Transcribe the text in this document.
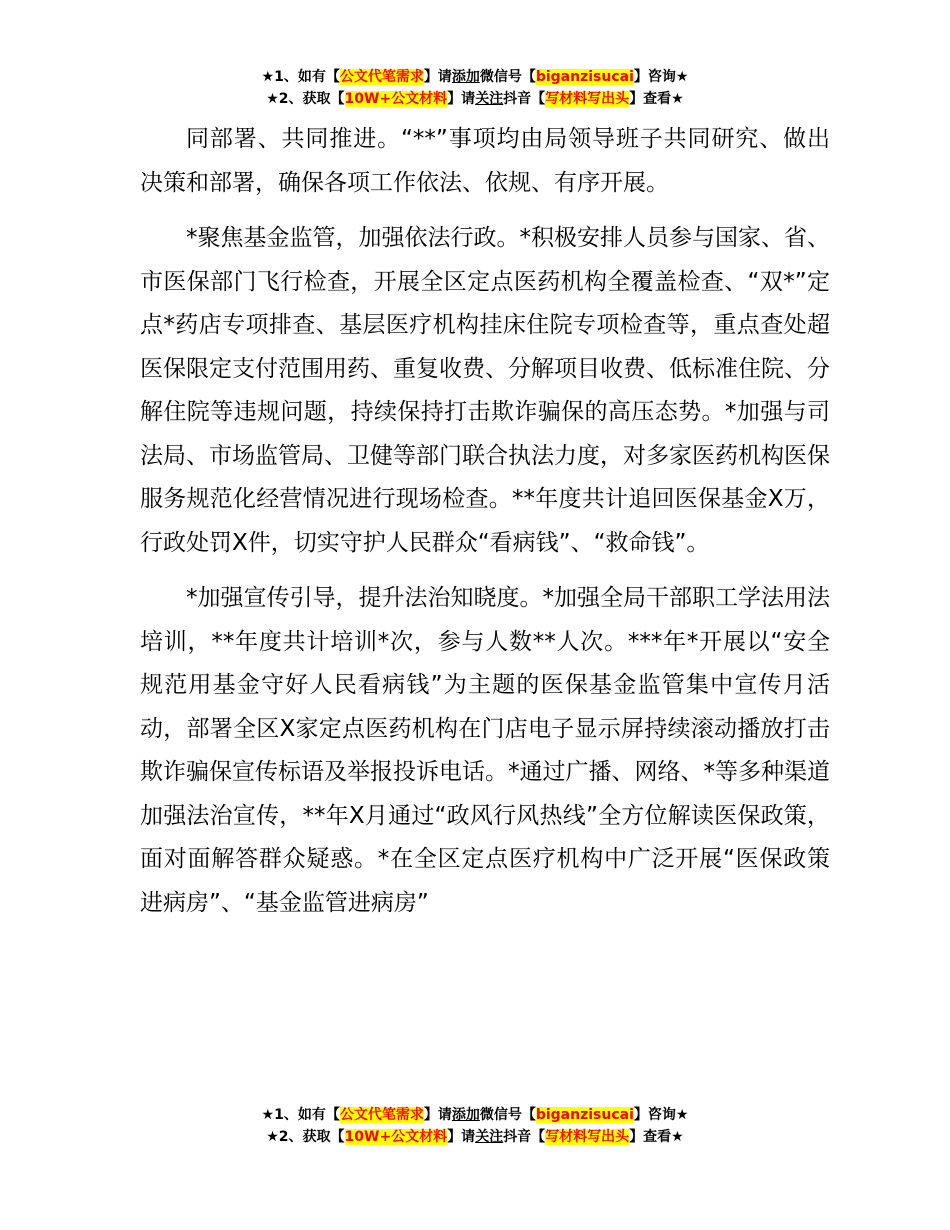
★1、如有【公文代笔需求】请添加微信号【biganzisucai】咨询★
★2、获取【10W+公文材料】请关注抖音【写材料写出头】查看★

同部署、共同推进。“**”事项均由局领导班子共同研究、做出决策和部署，确保各项工作依法、依规、有序开展。

*聚焦基金监管，加强依法行政。*积极安排人员参与国家、省、市医保部门飞行检查，开展全区定点医药机构全覆盖检查、“双*”定点*药店专项排查、基层医疗机构挂床住院专项检查等，重点查处超医保限定支付范围用药、重复收费、分解项目收费、低标准住院、分解住院等违规问题，持续保持打击欺诈骗保的高压态势。*加强与司法局、市场监管局、卫健等部门联合执法力度，对多家医药机构医保服务规范化经营情况进行现场检查。**年度共计追回医保基金X万，行政处罚X件，切实守护人民群众“看病钱”、“救命钱”。

*加强宣传引导，提升法治知晓度。*加强全局干部职工学法用法培训，**年度共计培训*次，参与人数**人次。***年*开展以“安全规范用基金守好人民看病钱”为主题的医保基金监管集中宣传月活动，部署全区X家定点医药机构在门店电子显示屏持续滚动播放打击欺诈骗保宣传标语及举报投诉电话。*通过广播、网络、*等多种渠道加强法治宣传，**年X月通过“政风行风热线”全方位解读医保政策，面对面解答群众疑惑。*在全区定点医疗机构中广泛开展“医保政策进病房”、“基金监管进病房”

★1、如有【公文代笔需求】请添加微信号【biganzisucai】咨询★
★2、获取【10W+公文材料】请关注抖音【写材料写出头】查看★
